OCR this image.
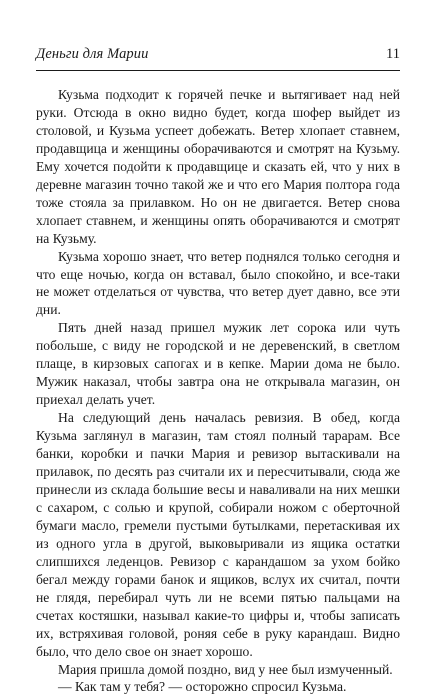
Деньги для Марии	11

Кузьма подходит к горячей печке и вытягивает над ней руки. Отсюда в окно видно будет, когда шофер выйдет из столовой, и Кузьма успеет добежать. Ветер хлопает ставнем, продавщица и женщины оборачиваются и смотрят на Кузьму. Ему хочется подойти к продавщице и сказать ей, что у них в деревне магазин точно такой же и что его Мария полтора года тоже стояла за прилавком. Но он не двигается. Ветер снова хлопает ставнем, и женщины опять оборачиваются и смотрят на Кузьму.

Кузьма хорошо знает, что ветер поднялся только сегодня и что еще ночью, когда он вставал, было спокойно, и все-таки не может отделаться от чувства, что ветер дует давно, все эти дни.

Пять дней назад пришел мужик лет сорока или чуть побольше, с виду не городской и не деревенский, в светлом плаще, в кирзовых сапогах и в кепке. Марии дома не было. Мужик наказал, чтобы завтра она не открывала магазин, он приехал делать учет.

На следующий день началась ревизия. В обед, когда Кузьма заглянул в магазин, там стоял полный тарарам. Все банки, коробки и пачки Мария и ревизор вытаскивали на прилавок, по десять раз считали их и пересчитывали, сюда же принесли из склада большие весы и наваливали на них мешки с сахаром, с солью и крупой, собирали ножом с оберточной бумаги масло, гремели пустыми бутылками, перетаскивая их из одного угла в другой, выковыривали из ящика остатки слипшихся леденцов. Ревизор с карандашом за ухом бойко бегал между горами банок и ящиков, вслух их считал, почти не глядя, перебирал чуть ли не всеми пятью пальцами на счетах костяшки, называл какие-то цифры и, чтобы записать их, встряхивая головой, роняя себе в руку карандаш. Видно было, что дело свое он знает хорошо.

Мария пришла домой поздно, вид у нее был измученный.

— Как там у тебя? — осторожно спросил Кузьма.
